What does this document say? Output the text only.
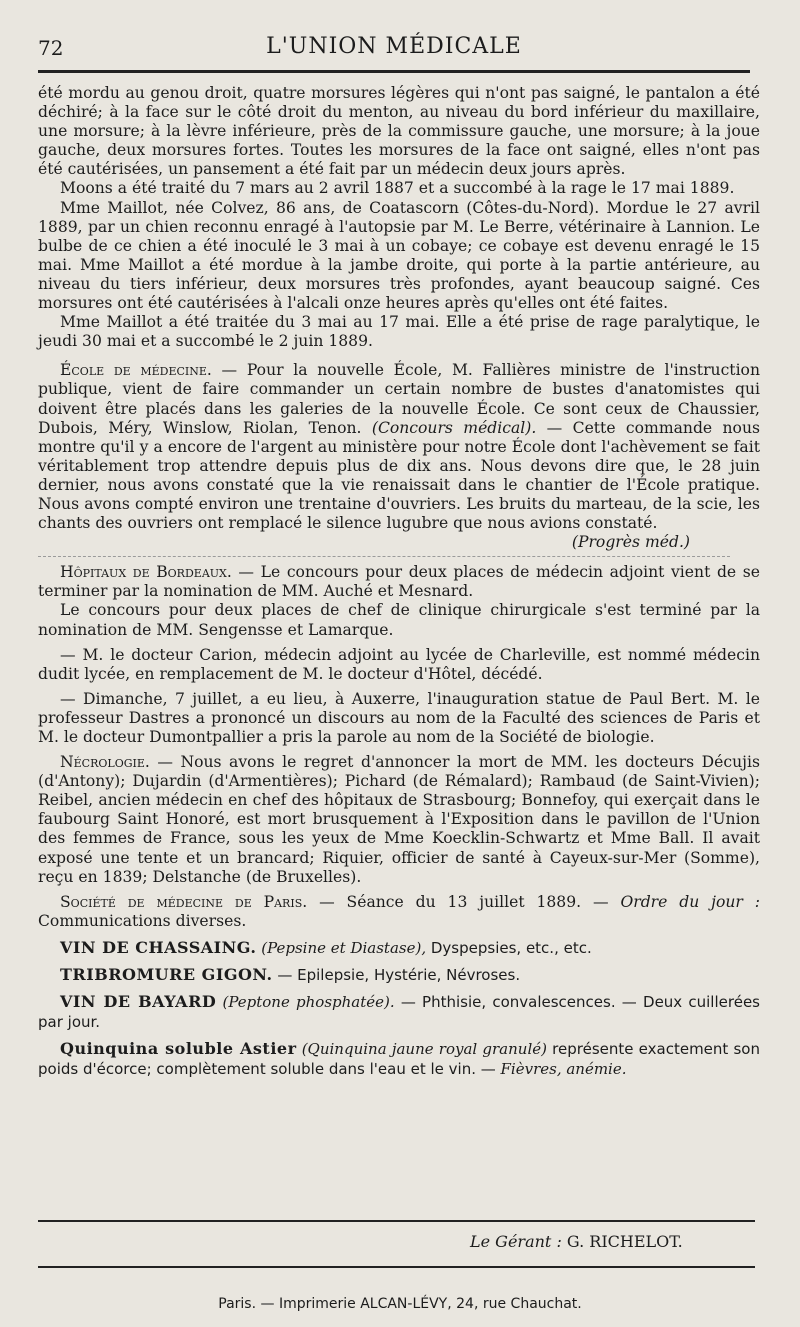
72	L'UNION MÉDICALE

été mordu au genou droit, quatre morsures légères qui n'ont pas saigné, le pantalon a été déchiré; à la face sur le côté droit du menton, au niveau du bord inférieur du maxillaire, une morsure; à la lèvre inférieure, près de la commissure gauche, une morsure; à la joue gauche, deux morsures fortes. Toutes les morsures de la face ont saigné, elles n'ont pas été cautérisées, un pansement a été fait par un médecin deux jours après.

Moons a été traité du 7 mars au 2 avril 1887 et a succombé à la rage le 17 mai 1889.

Mme Maillot, née Colvez, 86 ans, de Coatascorn (Côtes-du-Nord). Mordue le 27 avril 1889, par un chien reconnu enragé à l'autopsie par M. Le Berre, vétérinaire à Lannion. Le bulbe de ce chien a été inoculé le 3 mai à un cobaye; ce cobaye est devenu enragé le 15 mai. Mme Maillot a été mordue à la jambe droite, qui porte à la partie antérieure, au niveau du tiers inférieur, deux morsures très profondes, ayant beaucoup saigné. Ces morsures ont été cautérisées à l'alcali onze heures après qu'elles ont été faites.

Mme Maillot a été traitée du 3 mai au 17 mai. Elle a été prise de rage paralytique, le jeudi 30 mai et a succombé le 2 juin 1889.

École de médecine. — Pour la nouvelle École, M. Fallières ministre de l'instruction publique, vient de faire commander un certain nombre de bustes d'anatomistes qui doivent être placés dans les galeries de la nouvelle École. Ce sont ceux de Chaussier, Dubois, Méry, Winslow, Riolan, Tenon. (Concours médical). — Cette commande nous montre qu'il y a encore de l'argent au ministère pour notre École dont l'achèvement se fait véritablement trop attendre depuis plus de dix ans. Nous devons dire que, le 28 juin dernier, nous avons constaté que la vie renaissait dans le chantier de l'École pratique. Nous avons compté environ une trentaine d'ouvriers. Les bruits du marteau, de la scie, les chants des ouvriers ont remplacé le silence lugubre que nous avions constaté.

(Progrès méd.)

Hôpitaux de Bordeaux. — Le concours pour deux places de médecin adjoint vient de se terminer par la nomination de MM. Auché et Mesnard.

Le concours pour deux places de chef de clinique chirurgicale s'est terminé par la nomination de MM. Sengensse et Lamarque.

— M. le docteur Carion, médecin adjoint au lycée de Charleville, est nommé médecin dudit lycée, en remplacement de M. le docteur d'Hôtel, décédé.

— Dimanche, 7 juillet, a eu lieu, à Auxerre, l'inauguration statue de Paul Bert. M. le professeur Dastres a prononcé un discours au nom de la Faculté des sciences de Paris et M. le docteur Dumontpallier a pris la parole au nom de la Société de biologie.

Nécrologie. — Nous avons le regret d'annoncer la mort de MM. les docteurs Décujis (d'Antony); Dujardin (d'Armentières); Pichard (de Rémalard); Rambaud (de Saint-Vivien); Reibel, ancien médecin en chef des hôpitaux de Strasbourg; Bonnefoy, qui exerçait dans le faubourg Saint Honoré, est mort brusquement à l'Exposition dans le pavillon de l'Union des femmes de France, sous les yeux de Mme Koecklin-Schwartz et Mme Ball. Il avait exposé une tente et un brancard; Riquier, officier de santé à Cayeux-sur-Mer (Somme), reçu en 1839; Delstanche (de Bruxelles).

Société de médecine de Paris. — Séance du 13 juillet 1889. — Ordre du jour : Communications diverses.

VIN DE CHASSAING. (Pepsine et Diastase), Dyspepsies, etc., etc.

TRIBROMURE GIGON. — Epilepsie, Hystérie, Névroses.

VIN DE BAYARD (Peptone phosphatée). — Phthisie, convalescences. — Deux cuillerées par jour.

Quinquina soluble Astier (Quinquina jaune royal granulé) représente exactement son poids d'écorce; complètement soluble dans l'eau et le vin. — Fièvres, anémie.

Le Gérant : G. RICHELOT.
Paris. — Imprimerie ALCAN-LÉVY, 24, rue Chauchat.
